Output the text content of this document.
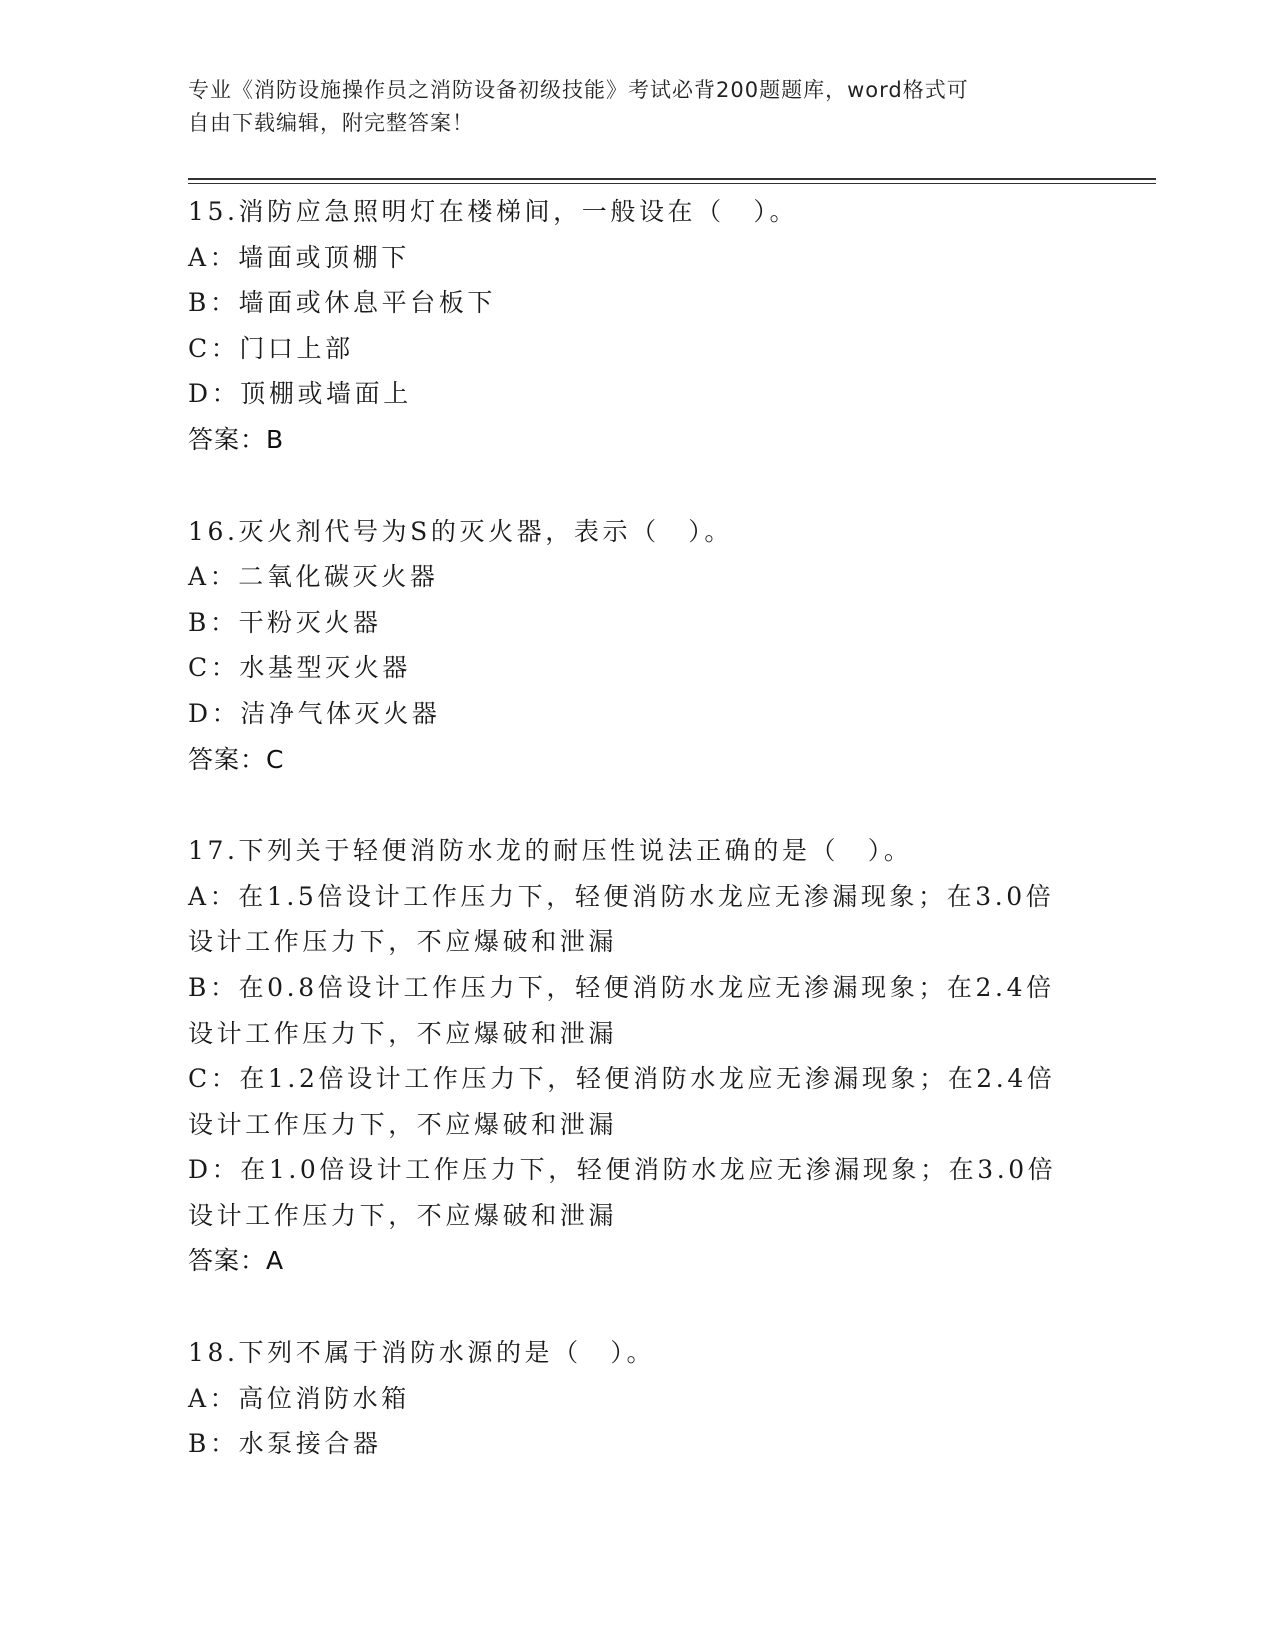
专业《消防设施操作员之消防设备初级技能》考试必背200题题库，word格式可
自由下载编辑，附完整答案！
15.消防应急照明灯在楼梯间，一般设在（　）。
A：墙面或顶棚下
B：墙面或休息平台板下
C：门口上部
D：顶棚或墙面上
答案：B
16.灭火剂代号为S的灭火器，表示（　）。
A：二氧化碳灭火器
B：干粉灭火器
C：水基型灭火器
D：洁净气体灭火器
答案：C
17.下列关于轻便消防水龙的耐压性说法正确的是（　）。
A：在1.5倍设计工作压力下，轻便消防水龙应无渗漏现象；在3.0倍
设计工作压力下，不应爆破和泄漏
B：在0.8倍设计工作压力下，轻便消防水龙应无渗漏现象；在2.4倍
设计工作压力下，不应爆破和泄漏
C：在1.2倍设计工作压力下，轻便消防水龙应无渗漏现象；在2.4倍
设计工作压力下，不应爆破和泄漏
D：在1.0倍设计工作压力下，轻便消防水龙应无渗漏现象；在3.0倍
设计工作压力下，不应爆破和泄漏
答案：A
18.下列不属于消防水源的是（　）。
A：高位消防水箱
B：水泵接合器
